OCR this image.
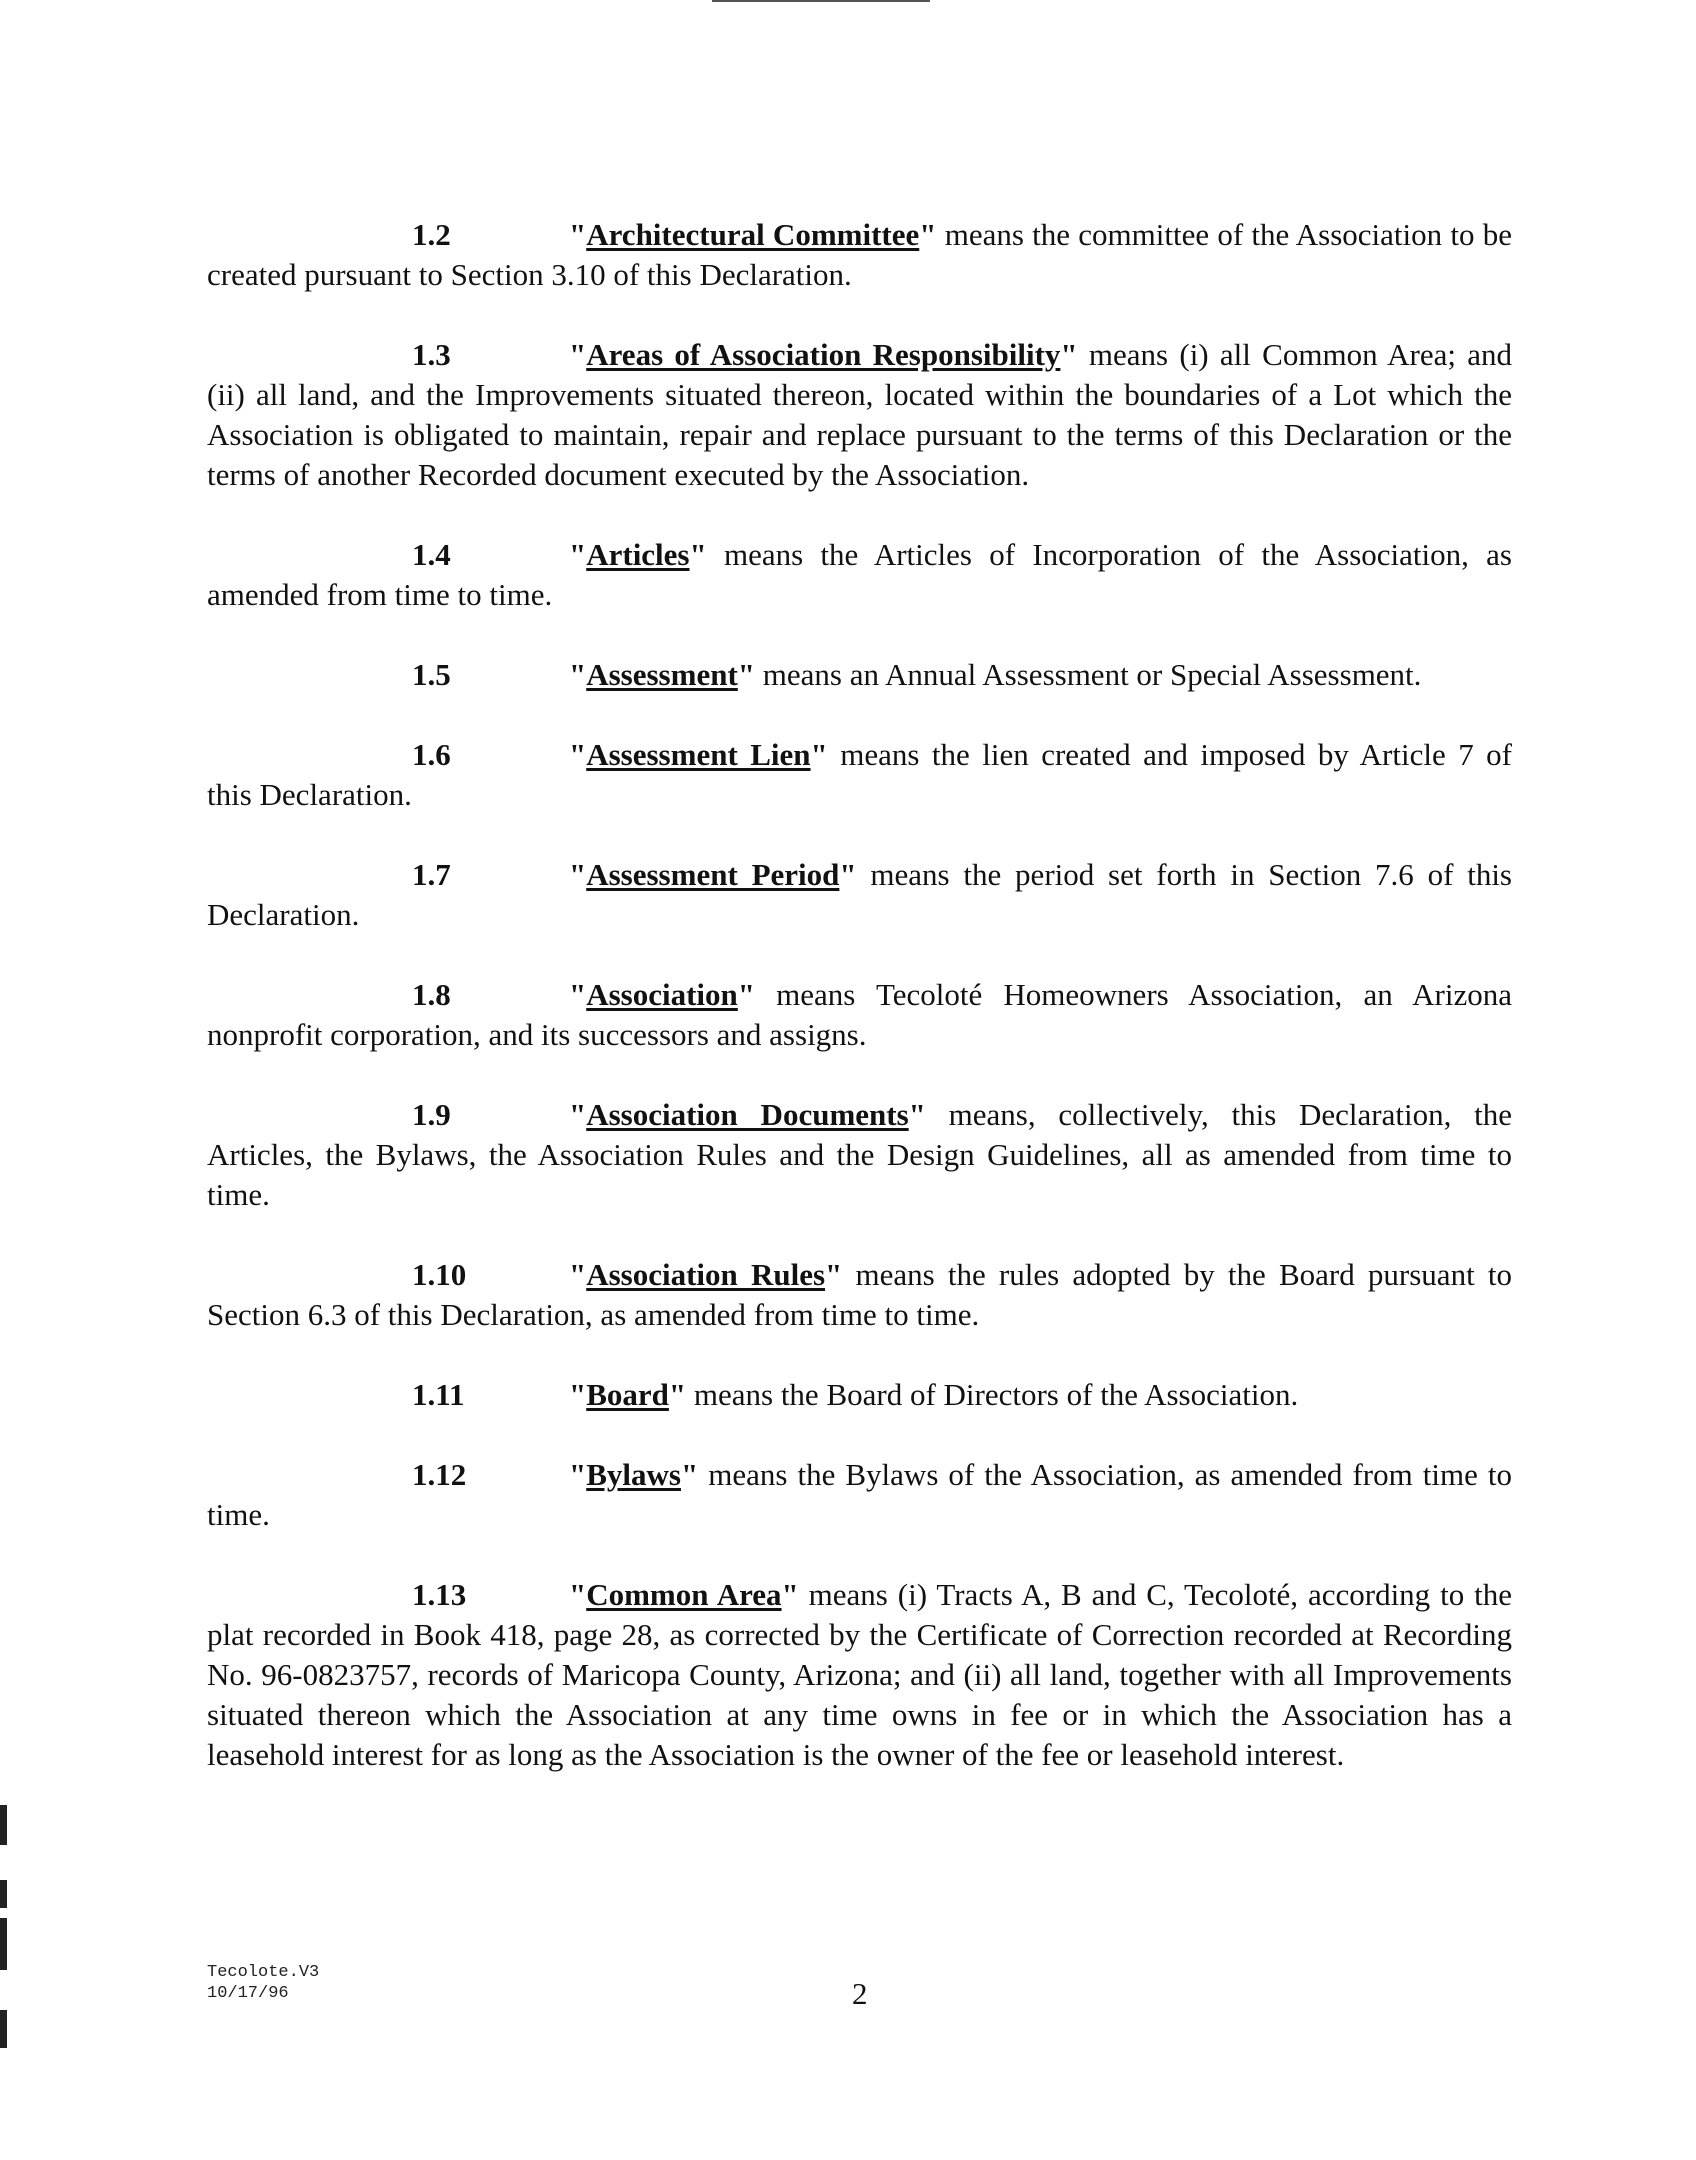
1.2	"Architectural Committee" means the committee of the Association to be created pursuant to Section 3.10 of this Declaration.

1.3	"Areas of Association Responsibility" means (i) all Common Area; and (ii) all land, and the Improvements situated thereon, located within the boundaries of a Lot which the Association is obligated to maintain, repair and replace pursuant to the terms of this Declaration or the terms of another Recorded document executed by the Association.

1.4	"Articles" means the Articles of Incorporation of the Association, as amended from time to time.

1.5	"Assessment" means an Annual Assessment or Special Assessment.

1.6	"Assessment Lien" means the lien created and imposed by Article 7 of this Declaration.

1.7	"Assessment Period" means the period set forth in Section 7.6 of this Declaration.

1.8	"Association" means Tecoloté Homeowners Association, an Arizona nonprofit corporation, and its successors and assigns.

1.9	"Association Documents" means, collectively, this Declaration, the Articles, the Bylaws, the Association Rules and the Design Guidelines, all as amended from time to time.

1.10	"Association Rules" means the rules adopted by the Board pursuant to Section 6.3 of this Declaration, as amended from time to time.

1.11	"Board" means the Board of Directors of the Association.

1.12	"Bylaws" means the Bylaws of the Association, as amended from time to time.

1.13	"Common Area" means (i) Tracts A, B and C, Tecoloté, according to the plat recorded in Book 418, page 28, as corrected by the Certificate of Correction recorded at Recording No. 96-0823757, records of Maricopa County, Arizona; and (ii) all land, together with all Improvements situated thereon which the Association at any time owns in fee or in which the Association has a leasehold interest for as long as the Association is the owner of the fee or leasehold interest.

Tecolote.V3
10/17/96	2
